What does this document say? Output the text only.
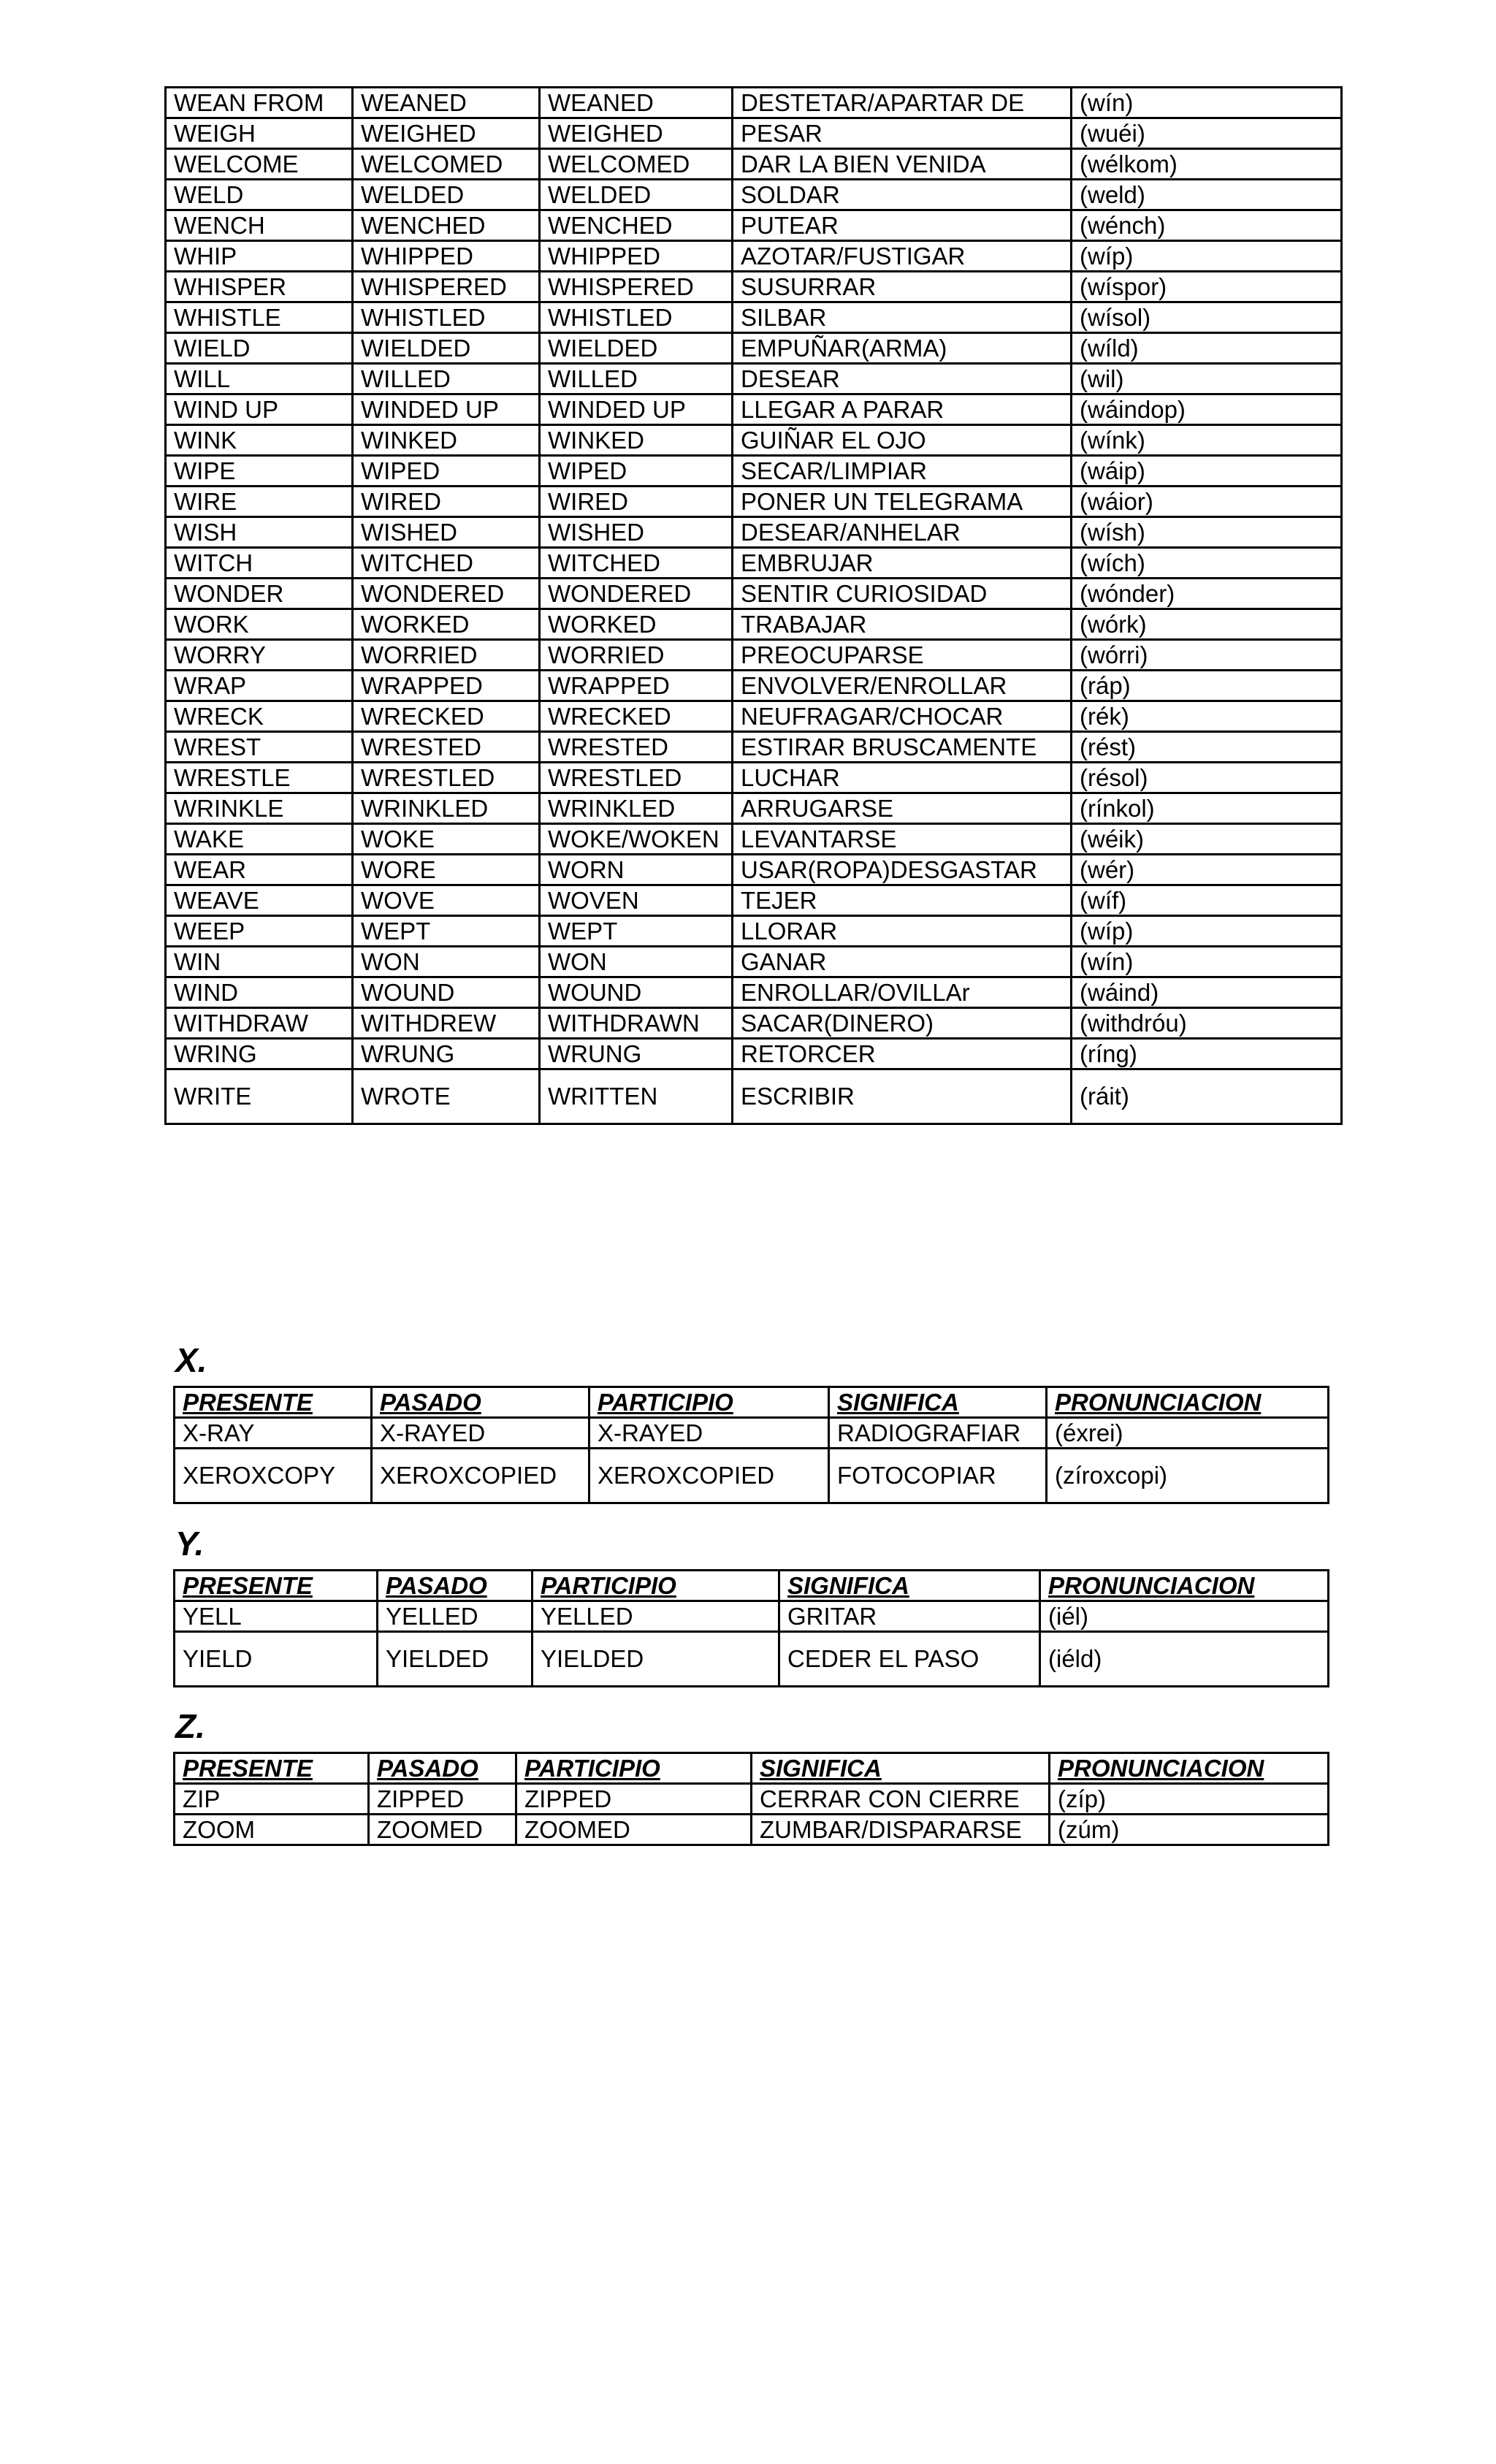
WEAN FROM	WEANED	WEANED	DESTETAR/APARTAR DE	(wín)
WEIGH	WEIGHED	WEIGHED	PESAR	(wuéi)
WELCOME	WELCOMED	WELCOMED	DAR LA BIEN VENIDA	(wélkom)
WELD	WELDED	WELDED	SOLDAR	(weld)
WENCH	WENCHED	WENCHED	PUTEAR	(wénch)
WHIP	WHIPPED	WHIPPED	AZOTAR/FUSTIGAR	(wíp)
WHISPER	WHISPERED	WHISPERED	SUSURRAR	(wíspor)
WHISTLE	WHISTLED	WHISTLED	SILBAR	(wísol)
WIELD	WIELDED	WIELDED	EMPUÑAR(ARMA)	(wíld)
WILL	WILLED	WILLED	DESEAR	(wil)
WIND UP	WINDED UP	WINDED UP	LLEGAR A PARAR	(wáindop)
WINK	WINKED	WINKED	GUIÑAR EL OJO	(wínk)
WIPE	WIPED	WIPED	SECAR/LIMPIAR	(wáip)
WIRE	WIRED	WIRED	PONER UN TELEGRAMA	(wáior)
WISH	WISHED	WISHED	DESEAR/ANHELAR	(wísh)
WITCH	WITCHED	WITCHED	EMBRUJAR	(wích)
WONDER	WONDERED	WONDERED	SENTIR CURIOSIDAD	(wónder)
WORK	WORKED	WORKED	TRABAJAR	(wórk)
WORRY	WORRIED	WORRIED	PREOCUPARSE	(wórri)
WRAP	WRAPPED	WRAPPED	ENVOLVER/ENROLLAR	(ráp)
WRECK	WRECKED	WRECKED	NEUFRAGAR/CHOCAR	(rék)
WREST	WRESTED	WRESTED	ESTIRAR BRUSCAMENTE	(rést)
WRESTLE	WRESTLED	WRESTLED	LUCHAR	(résol)
WRINKLE	WRINKLED	WRINKLED	ARRUGARSE	(rínkol)
WAKE	WOKE	WOKE/WOKEN	LEVANTARSE	(wéik)
WEAR	WORE	WORN	USAR(ROPA)DESGASTAR	(wér)
WEAVE	WOVE	WOVEN	TEJER	(wíf)
WEEP	WEPT	WEPT	LLORAR	(wíp)
WIN	WON	WON	GANAR	(wín)
WIND	WOUND	WOUND	ENROLLAR/OVILLAr	(wáind)
WITHDRAW	WITHDREW	WITHDRAWN	SACAR(DINERO)	(withdróu)
WRING	WRUNG	WRUNG	RETORCER	(ríng)
WRITE	WROTE	WRITTEN	ESCRIBIR	(ráit)
X.
PRESENTE	PASADO	PARTICIPIO	SIGNIFICA	PRONUNCIACION
X-RAY	X-RAYED	X-RAYED	RADIOGRAFIAR	(éxrei)
XEROXCOPY	XEROXCOPIED	XEROXCOPIED	FOTOCOPIAR	(zíroxcopi)
Y.
PRESENTE	PASADO	PARTICIPIO	SIGNIFICA	PRONUNCIACION
YELL	YELLED	YELLED	GRITAR	(iél)
YIELD	YIELDED	YIELDED	CEDER EL PASO	(iéld)
Z.
PRESENTE	PASADO	PARTICIPIO	SIGNIFICA	PRONUNCIACION
ZIP	ZIPPED	ZIPPED	CERRAR CON CIERRE	(zíp)
ZOOM	ZOOMED	ZOOMED	ZUMBAR/DISPARARSE	(zúm)
